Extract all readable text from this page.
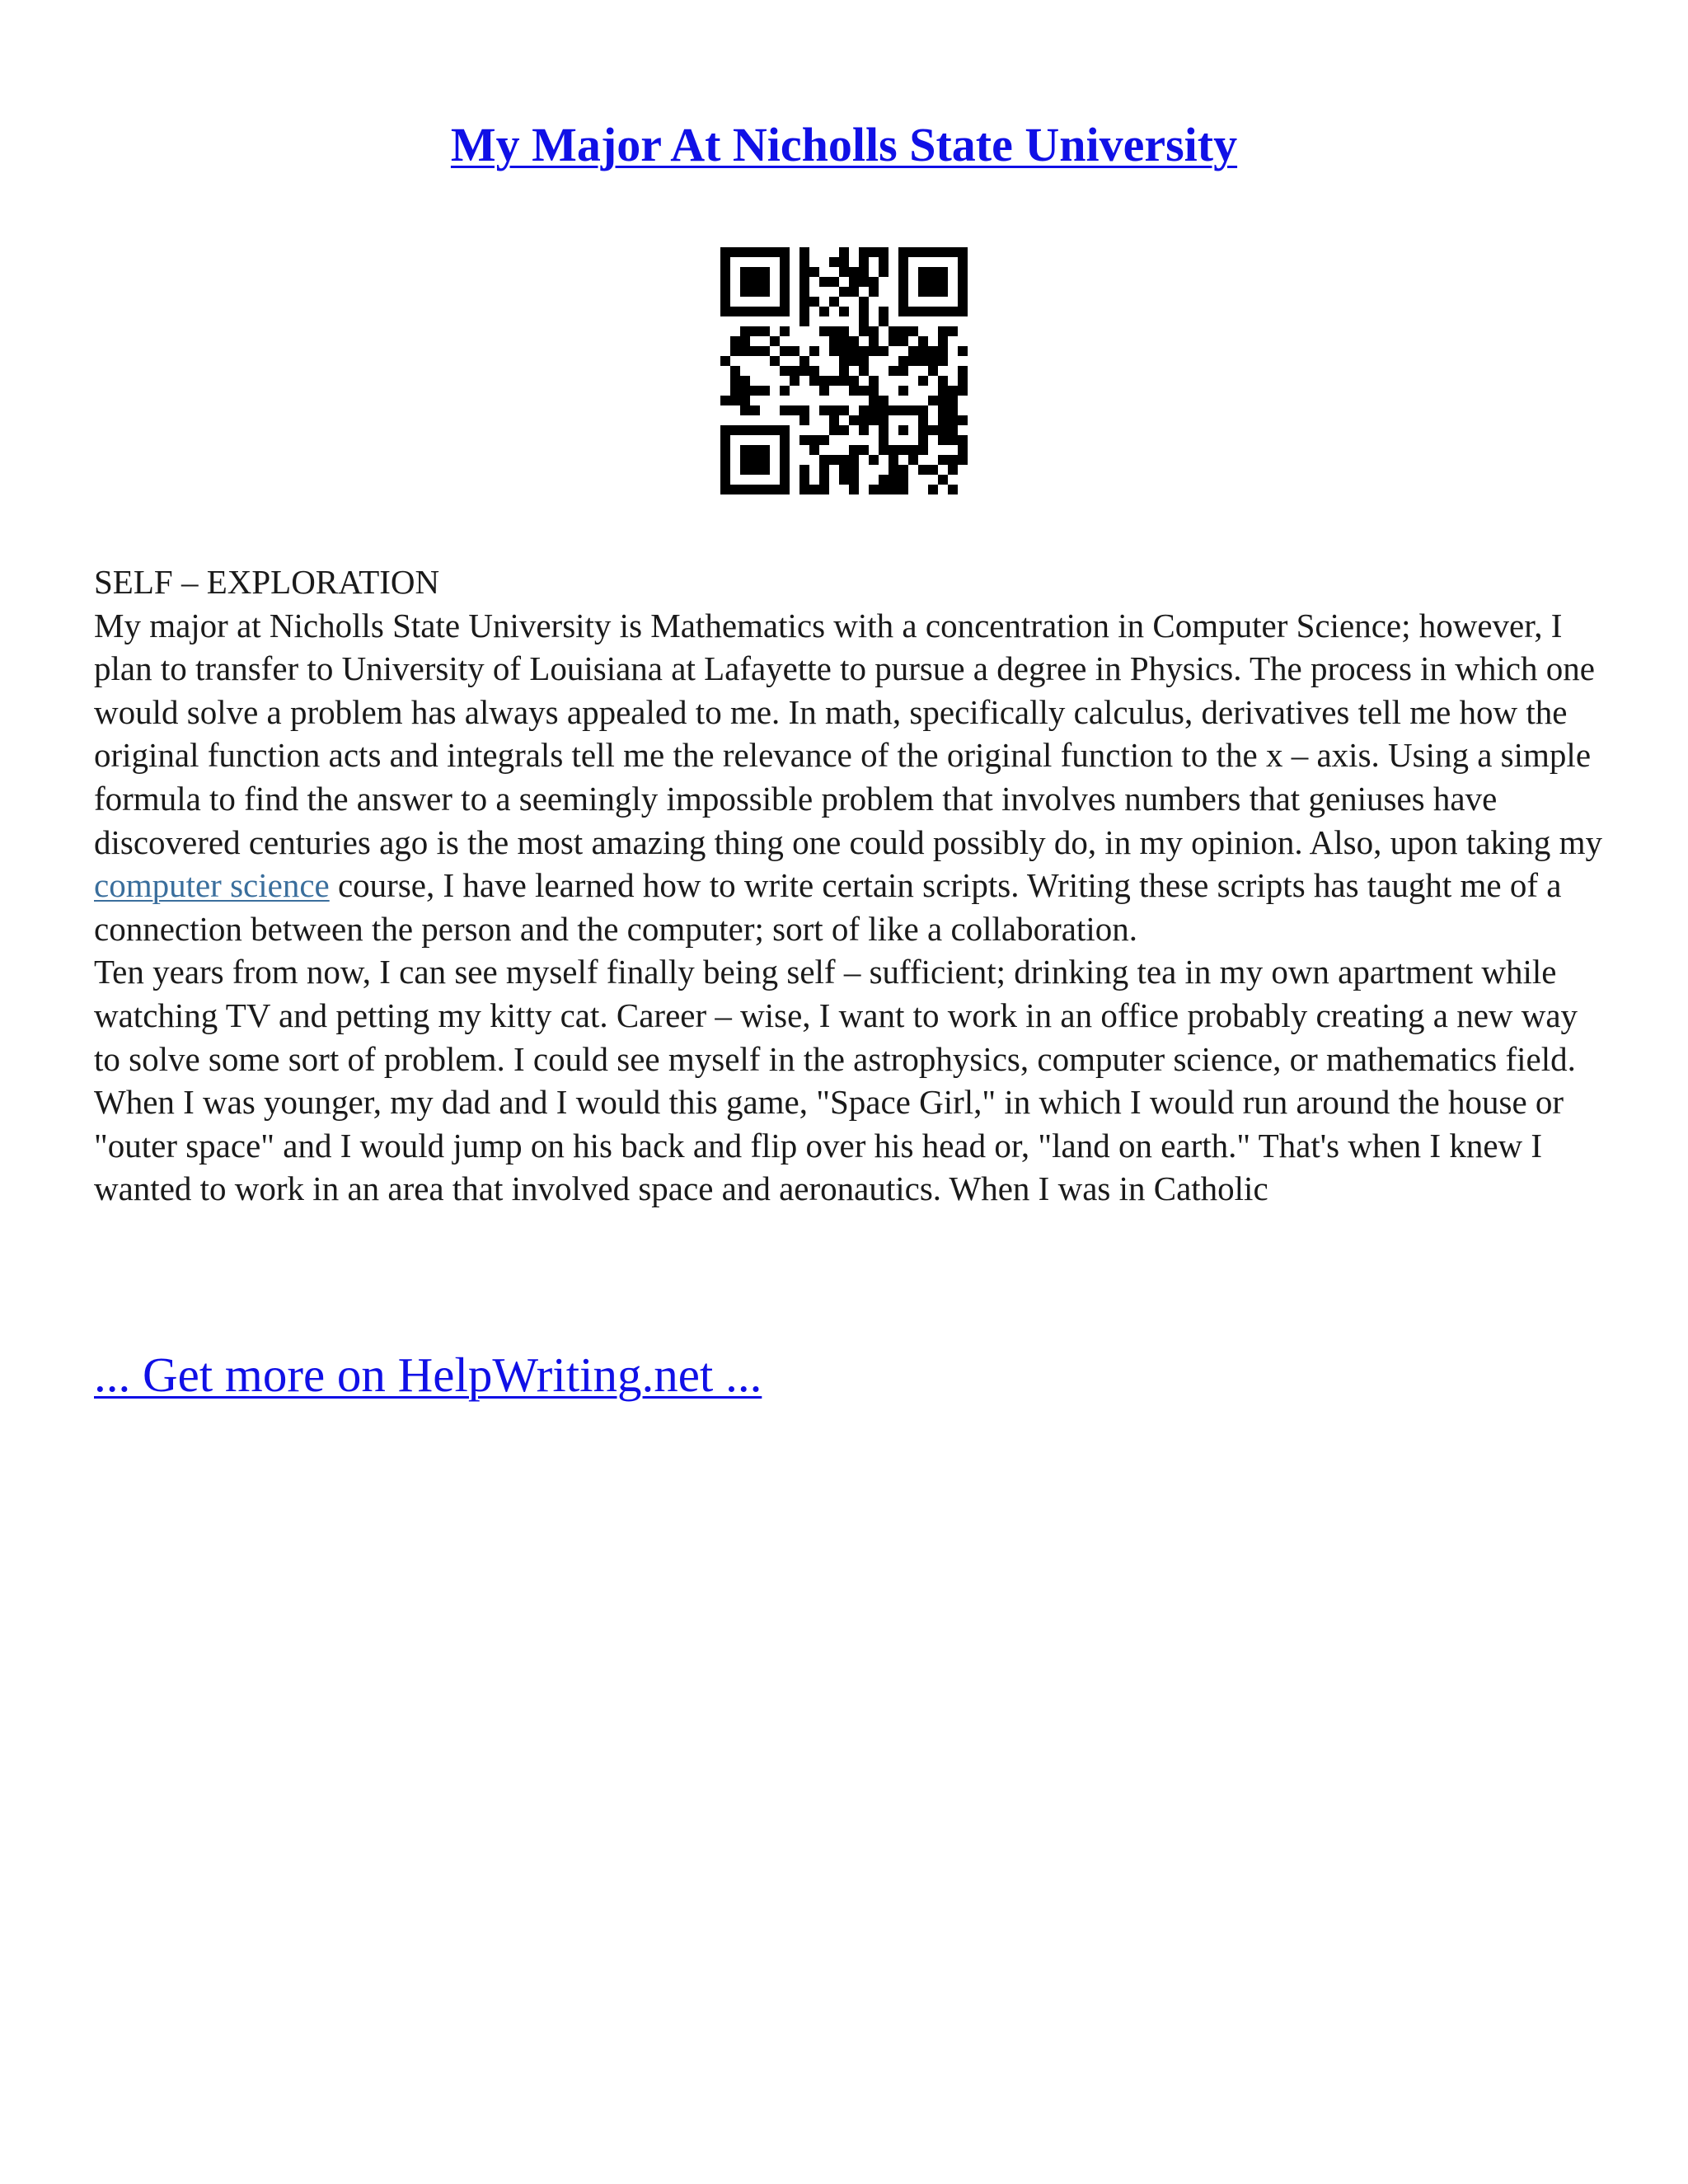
My Major At Nicholls State University

SELF – EXPLORATION

My major at Nicholls State University is Mathematics with a concentration in Computer Science; however, I plan to transfer to University of Louisiana at Lafayette to pursue a degree in Physics. The process in which one would solve a problem has always appealed to me. In math, specifically calculus, derivatives tell me how the original function acts and integrals tell me the relevance of the original function to the x – axis. Using a simple formula to find the answer to a seemingly impossible problem that involves numbers that geniuses have discovered centuries ago is the most amazing thing one could possibly do, in my opinion. Also, upon taking my computer science course, I have learned how to write certain scripts. Writing these scripts has taught me of a connection between the person and the computer; sort of like a collaboration.

Ten years from now, I can see myself finally being self – sufficient; drinking tea in my own apartment while watching TV and petting my kitty cat. Career – wise, I want to work in an office probably creating a new way to solve some sort of problem. I could see myself in the astrophysics, computer science, or mathematics field. When I was younger, my dad and I would this game, "Space Girl," in which I would run around the house or "outer space" and I would jump on his back and flip over his head or, "land on earth." That's when I knew I wanted to work in an area that involved space and aeronautics. When I was in Catholic

... Get more on HelpWriting.net ...
